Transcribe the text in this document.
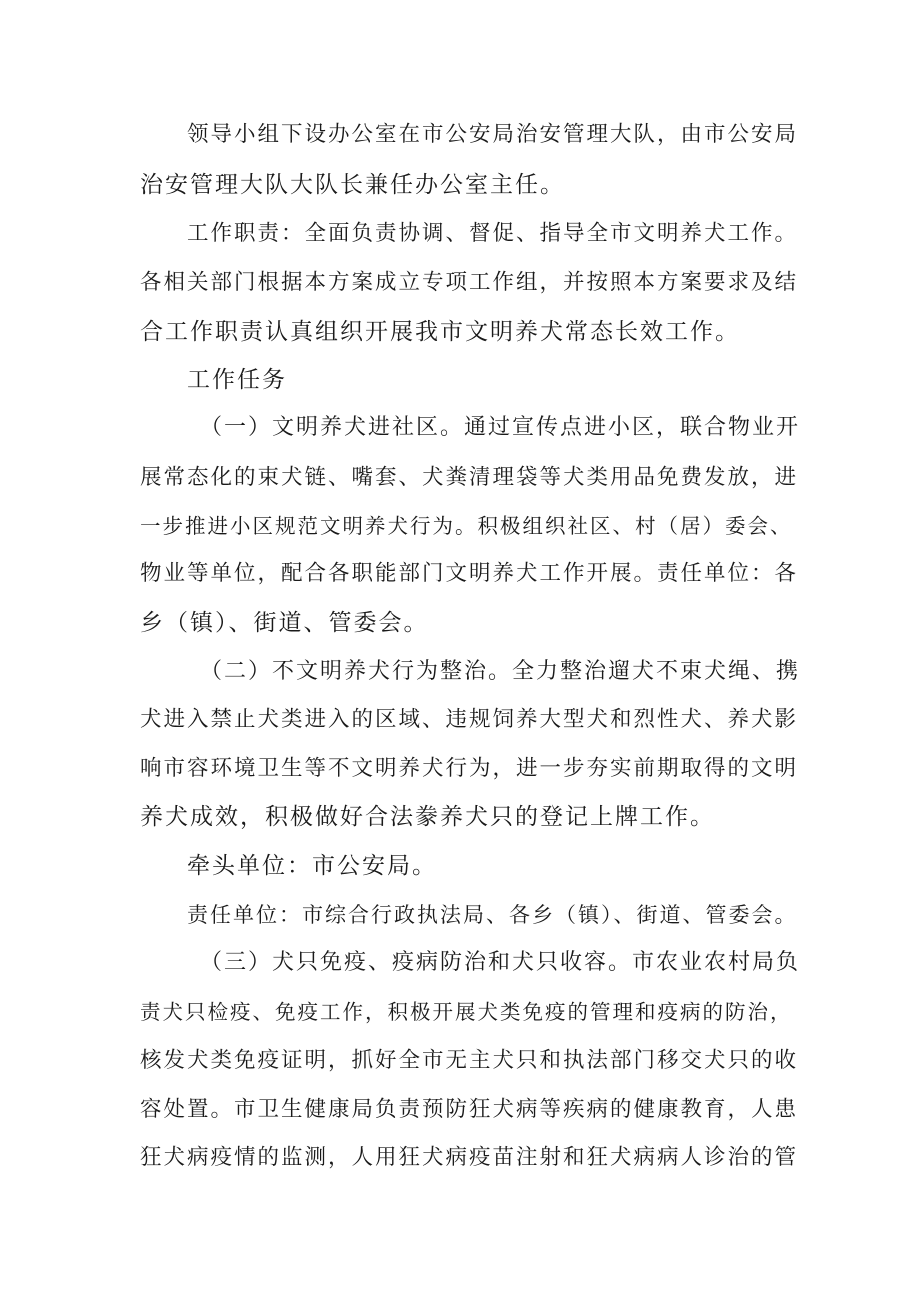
领导小组下设办公室在市公安局治安管理大队，由市公安局
治安管理大队大队长兼任办公室主任。
工作职责：全面负责协调、督促、指导全市文明养犬工作。
各相关部门根据本方案成立专项工作组，并按照本方案要求及结
合工作职责认真组织开展我市文明养犬常态长效工作。
工作任务
（一）文明养犬进社区。通过宣传点进小区，联合物业开
展常态化的束犬链、嘴套、犬粪清理袋等犬类用品免费发放，进
一步推进小区规范文明养犬行为。积极组织社区、村（居）委会、
物业等单位，配合各职能部门文明养犬工作开展。责任单位：各
乡（镇）、街道、管委会。
（二）不文明养犬行为整治。全力整治遛犬不束犬绳、携
犬进入禁止犬类进入的区域、违规饲养大型犬和烈性犬、养犬影
响市容环境卫生等不文明养犬行为，进一步夯实前期取得的文明
养犬成效，积极做好合法豢养犬只的登记上牌工作。
牵头单位：市公安局。
责任单位：市综合行政执法局、各乡（镇）、街道、管委会。
（三）犬只免疫、疫病防治和犬只收容。市农业农村局负
责犬只检疫、免疫工作，积极开展犬类免疫的管理和疫病的防治，
核发犬类免疫证明，抓好全市无主犬只和执法部门移交犬只的收
容处置。市卫生健康局负责预防狂犬病等疾病的健康教育，人患
狂犬病疫情的监测，人用狂犬病疫苗注射和狂犬病病人诊治的管
